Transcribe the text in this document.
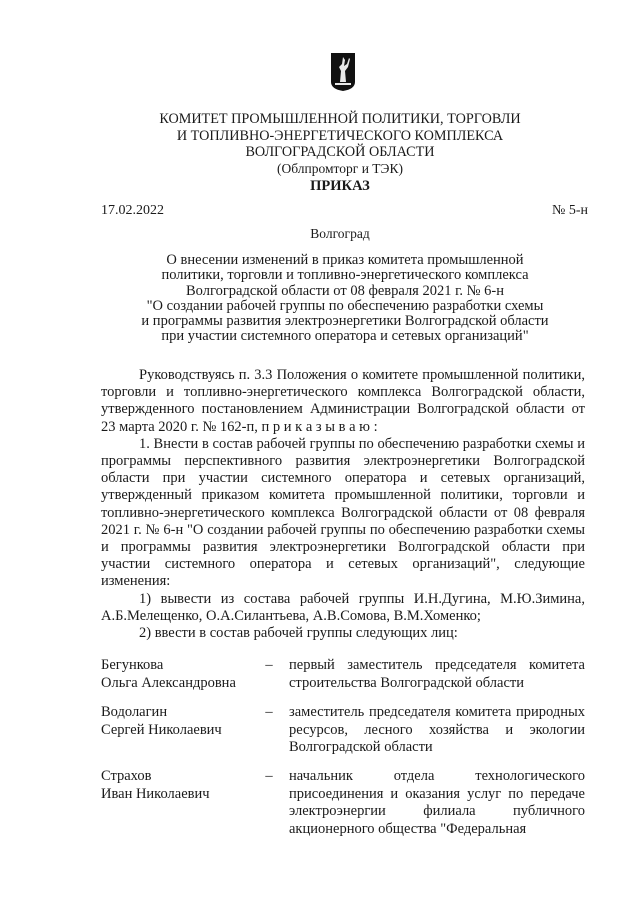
КОМИТЕТ ПРОМЫШЛЕННОЙ ПОЛИТИКИ, ТОРГОВЛИ
И ТОПЛИВНО-ЭНЕРГЕТИЧЕСКОГО КОМПЛЕКСА
ВОЛГОГРАДСКОЙ ОБЛАСТИ
(Облпромторг и ТЭК)
ПРИКАЗ
17.02.2022	№ 5-н
Волгоград
О внесении изменений в приказ комитета промышленной
политики, торговли и топливно-энергетического комплекса
Волгоградской области от 08 февраля 2021 г. № 6-н
"О создании рабочей группы по обеспечению разработки схемы
и программы развития электроэнергетики Волгоградской области
при участии системного оператора и сетевых организаций"

Руководствуясь п. 3.3 Положения о комитете промышленной политики, торговли и топливно-энергетического комплекса Волгоградской области, утвержденного постановлением Администрации Волгоградской области от 23 марта 2020 г. № 162-п, п р и к а з ы в а ю :

1. Внести в состав рабочей группы по обеспечению разработки схемы и программы перспективного развития электроэнергетики Волгоградской области при участии системного оператора и сетевых организаций, утвержденный приказом комитета промышленной политики, торговли и топливно-энергетического комплекса Волгоградской области от 08 февраля 2021 г. № 6-н "О создании рабочей группы по обеспечению разработки схемы и программы развития электроэнергетики Волгоградской области при участии системного оператора и сетевых организаций", следующие изменения:

1) вывести из состава рабочей группы И.Н.Дугина, М.Ю.Зимина, А.Б.Мелещенко, О.А.Силантьева, А.В.Сомова, В.М.Хоменко;

2) ввести в состав рабочей группы следующих лиц:

Бегункова
Ольга Александровна
–	первый заместитель председателя комитета строительства Волгоградской области
Водолагин
Сергей Николаевич
–	заместитель председателя комитета природных ресурсов, лесного хозяйства и экологии Волгоградской области
Страхов
Иван Николаевич
–	начальник отдела технологического присоединения и оказания услуг по передаче электроэнергии филиала публичного акционерного общества "Федеральная
